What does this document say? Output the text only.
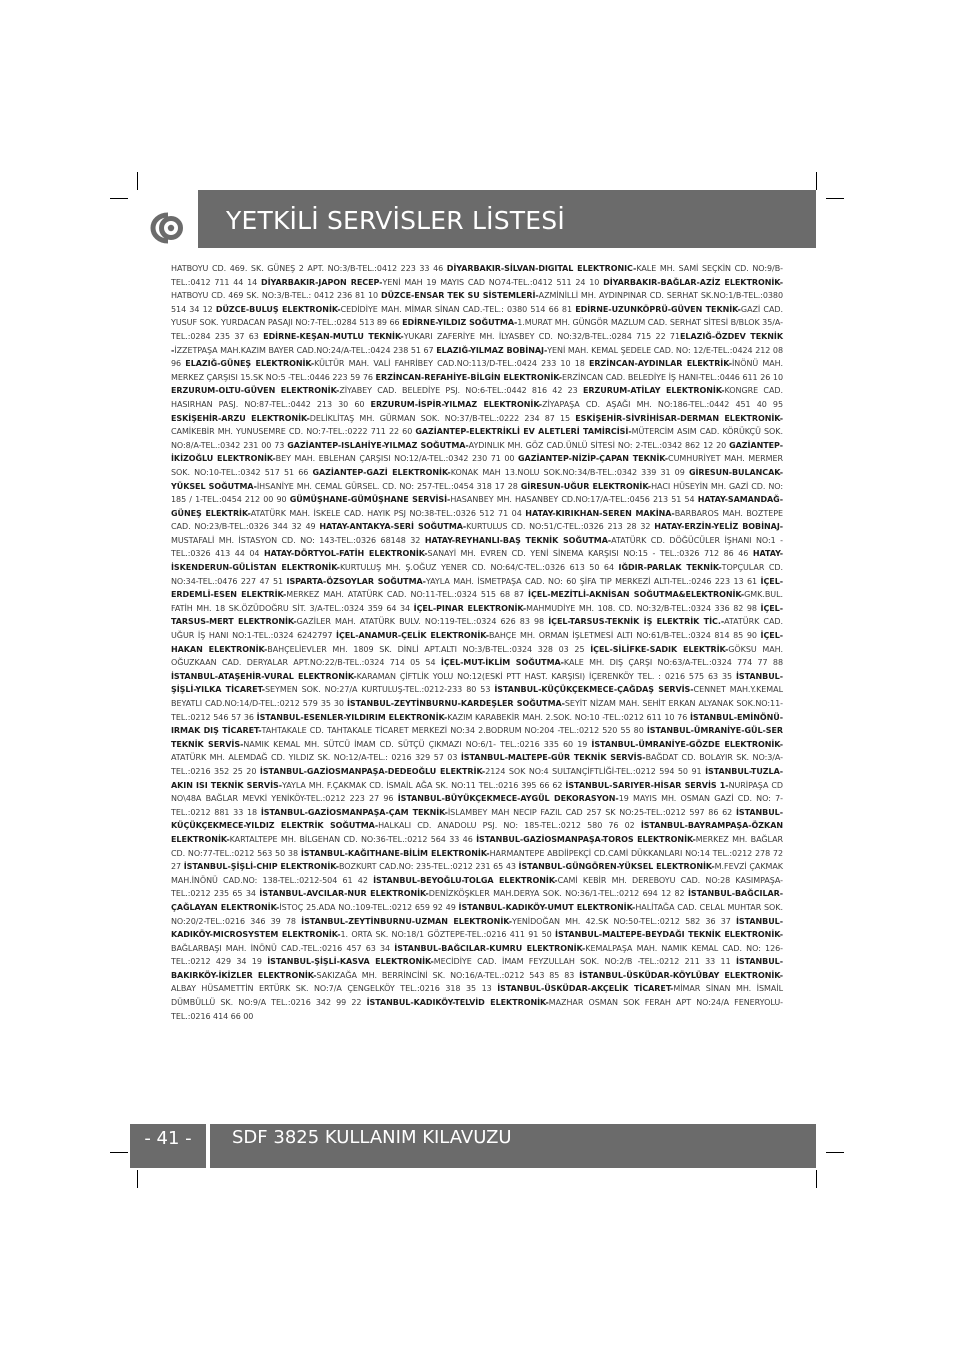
YETKİLİ SERVİSLER LİSTESİ
HATBOYU CD. 469. SK. GÜNEŞ 2 APT. NO:3/B-TEL.:0412 223 33 46 DİYARBAKIR-SİLVAN-DIGITAL ELEKTRONIC-KALE MH. SAMİ SEÇKİN CD. NO:9/B-TEL.:0412 711 44 14 DİYARBAKIR-JAPON RECEP-YENİ MAH 19 MAYIS CAD NO74-TEL.:0412 511 24 10 DİYARBAKIR-BAĞLAR-AZİZ ELEKTRONİK-HATBOYU CD. 469 SK. NO:3/B-TEL.: 0412 236 81 10 DÜZCE-ENSAR TEK SU SİSTEMLERİ-AZMİNİLLİ MH. AYDINPINAR CD. SERHAT SK.NO:1/B-TEL.:0380 514 34 12 DÜZCE-BULUŞ ELEKTRONİK-CEDİDİYE MAH. MİMAR SİNAN CAD.-TEL.: 0380 514 66 81 EDİRNE-UZUNKÖPRÜ-GÜVEN TEKNİK-GAZİ CAD. YUSUF SOK. YURDACAN PASAJI NO:7-TEL.:0284 513 89 66 EDİRNE-YILDIZ SOĞUTMA-1.MURAT MH. GÜNGÖR MAZLUM CAD. SERHAT SİTESİ B/BLOK 35/A-TEL.:0284 235 37 63 EDİRNE-KEŞAN-MUTLU TEKNİK-YUKARI ZAFERİYE MH. İLYASBEY CD. NO:32/B-TEL.:0284 715 22 71ELAZIĞ-ÖZDEV TEKNİK -İZZETPAŞA MAH.KAZIM BAYER CAD.NO:24/A-TEL.:0424 238 51 67 ELAZIĞ-YILMAZ BOBİNAJ-YENİ MAH. KEMAL ŞEDELE CAD. NO: 12/E-TEL.:0424 212 08 96 ELAZIĞ-GÜNEŞ ELEKTRONİK-KÜLTÜR MAH. VALİ FAHRİBEY CAD.NO:113/D-TEL.:0424 233 10 18 ERZİNCAN-AYDINLAR ELEKTRİK-İNÖNÜ MAH. MERKEZ ÇARŞISI 15.SK NO:5 -TEL.:0446 223 59 76 ERZİNCAN-REFAHİYE-BİLGİN ELEKTRONİK-ERZİNCAN CAD. BELEDİYE İŞ HANI-TEL.:0446 611 26 10 ERZURUM-OLTU-GÜVEN ELEKTRONİK-ZİYABEY CAD. BELEDİYE PSJ. NO:6-TEL.:0442 816 42 23 ERZURUM-ATİLAY ELEKTRONİK-KONGRE CAD. HASIRHAN PASJ. NO:87-TEL.:0442 213 30 60 ERZURUM-İSPİR-YILMAZ ELEKTRONİK-ZİYAPAŞA CD. AŞAĞI MH. NO:186-TEL.:0442 451 40 95 ESKİŞEHİR-ARZU ELEKTRONİK-DELİKLİTAŞ MH. GÜRMAN SOK. NO:37/B-TEL.:0222 234 87 15 ESKİŞEHİR-SİVRİHİSAR-DERMAN ELEKTRONİK-CAMİKEBİR MH. YUNUSEMRE CD. NO:7-TEL.:0222 711 22 60 GAZİANTEP-ELEKTRİKLİ EV ALETLERİ TAMİRCİSİ-MÜTERCİM ASIM CAD. KÖRÜKÇÜ SOK. NO:8/A-TEL.:0342 231 00 73 GAZİANTEP-ISLAHİYE-YILMAZ SOĞUTMA-AYDINLIK MH. GÖZ CAD.ÜNLÜ SİTESİ NO: 2-TEL.:0342 862 12 20 GAZİANTEP-İKİZOĞLU ELEKTRONİK-BEY MAH. EBLEHAN ÇARŞISI NO:12/A-TEL.:0342 230 71 00 GAZİANTEP-NİZİP-ÇAPAN TEKNİK-CUMHURİYET MAH. MERMER SOK. NO:10-TEL.:0342 517 51 66 GAZİANTEP-GAZİ ELEKTRONİK-KONAK MAH 13.NOLU SOK.NO:34/B-TEL.:0342 339 31 09 GİRESUN-BULANCAK-YÜKSEL SOĞUTMA-İHSANİYE MH. CEMAL GÜRSEL. CD. NO: 257-TEL.:0454 318 17 28 GİRESUN-UĞUR ELEKTRONİK-HACI HÜSEYİN MH. GAZİ CD. NO: 185 / 1-TEL.:0454 212 00 90 GÜMÜŞHANE-GÜMÜŞHANE SERVİSİ-HASANBEY MH. HASANBEY CD.NO:17/A-TEL.:0456 213 51 54 HATAY-SAMANDAĞ-GÜNEŞ ELEKTRİK-ATATÜRK MAH. İSKELE CAD. HAYIK PSJ NO:38-TEL.:0326 512 71 04 HATAY-KIRIKHAN-SEREN MAKİNA-BARBAROS MAH. BOZTEPE CAD. NO:23/B-TEL.:0326 344 32 49 HATAY-ANTAKYA-SERİ SOĞUTMA-KURTULUS CD. NO:51/C-TEL.:0326 213 28 32 HATAY-ERZİN-YELİZ BOBİNAJ-MUSTAFALİ MH. İSTASYON CD. NO: 143-TEL.:0326 68148 32 HATAY-REYHANLI-BAŞ TEKNİK SOĞUTMA-ATATÜRK CD. DÖĞÜCÜLER İŞHANI NO:1 -TEL.:0326 413 44 04 HATAY-DÖRTYOL-FATİH ELEKTRONİK-SANAYİ MH. EVREN CD. YENİ SİNEMA KARŞISI NO:15 - TEL.:0326 712 86 46 HATAY-İSKENDERUN-GÜLİSTAN ELEKTRONİK-KURTULUŞ MH. Ş.OĞUZ YENER CD. NO:64/C-TEL.:0326 613 50 64 IĞDIR-PARLAK TEKNİK-TOPÇULAR CD. NO:34-TEL.:0476 227 47 51 ISPARTA-ÖZSOYLAR SOĞUTMA-YAYLA MAH. İSMETPAŞA CAD. NO: 60 ŞİFA TIP MERKEZİ ALTI-TEL.:0246 223 13 61 İÇEL-ERDEMLİ-ESEN ELEKTRİK-MERKEZ MAH. ATATÜRK CAD. NO:11-TEL.:0324 515 68 87 İÇEL-MEZİTLİ-AKNİSAN SOĞUTMA&ELEKTRONİK-GMK.BUL. FATİH MH. 18 SK.ÖZÜDOĞRU SİT. 3/A-TEL.:0324 359 64 34 İÇEL-PINAR ELEKTRONİK-MAHMUDİYE MH. 108. CD. NO:32/B-TEL.:0324 336 82 98 İÇEL-TARSUS-MERT ELEKTRONİK-GAZİLER MAH. ATATÜRK BULV. NO:119-TEL.:0324 626 83 98 İÇEL-TARSUS-TEKNİK İŞ ELEKTRİK TİC.-ATATÜRK CAD. UĞUR İŞ HANI NO:1-TEL.:0324 6242797 İÇEL-ANAMUR-ÇELİK ELEKTRONİK-BAHÇE MH. ORMAN İŞLETMESİ ALTI NO:61/B-TEL.:0324 814 85 90 İÇEL-HAKAN ELEKTRONİK-BAHÇELİEVLER MH. 1809 SK. DİNLİ APT.ALTI NO:3/B-TEL.:0324 328 03 25 İÇEL-SİLİFKE-SADIK ELEKTRİK-GÖKSU MAH. OĞUZKAAN CAD. DERYALAR APT.NO:22/B-TEL.:0324 714 05 54 İÇEL-MUT-İKLİM SOĞUTMA-KALE MH. DIŞ ÇARŞI NO:63/A-TEL.:0324 774 77 88 İSTANBUL-ATAŞEHİR-VURAL ELEKTRONİK-KARAMAN ÇİFTLİK YOLU NO:12(ESKİ PTT HAST. KARŞISI) İÇERENKÖY TEL. : 0216 575 63 35 İSTANBUL-ŞİŞLİ-YILKA TİCARET-SEYMEN SOK. NO:27/A KURTULUŞ-TEL.:0212-233 80 53 İSTANBUL-KÜÇÜKÇEKMECE-ÇAĞDAŞ SERVİS-CENNET MAH.Y.KEMAL BEYATLI CAD.NO:14/D-TEL.:0212 579 35 30 İSTANBUL-ZEYTİNBURNU-KARDEŞLER SOĞUTMA-SEYİT NİZAM MAH. SEHİT ERKAN ALYANAK SOK.NO:11-TEL.:0212 546 57 36 İSTANBUL-ESENLER-YILDIRIM ELEKTRONİK-KAZIM KARABEKİR MAH. 2.SOK. NO:10 -TEL.:0212 611 10 76 İSTANBUL-EMİNÖNÜ-IRMAK DIŞ TİCARET-TAHTAKALE CD. TAHTAKALE TİCARET MERKEZİ NO:34 2.BODRUM NO:204 -TEL.:0212 520 55 80 İSTANBUL-ÜMRANİYE-GÜL-SER TEKNİK SERVİS-NAMIK KEMAL MH. SÜTCÜ İMAM CD. SÜTÇÜ ÇIKMAZI NO:6/1- TEL.:0216 335 60 19 İSTANBUL-ÜMRANİYE-GÖZDE ELEKTRONİK-ATATÜRK MH. ALEMDAĞ CD. YILDIZ SK. NO:12/A-TEL.: 0216 329 57 03 İSTANBUL-MALTEPE-GÜR TEKNİK SERVİS-BAĞDAT CD. BOLAYIR SK. NO:3/A-TEL.:0216 352 25 20 İSTANBUL-GAZİOSMANPAŞA-DEDEOĞLU ELEKTRİK-2124 SOK NO:4 SULTANÇİFTLİĞİ-TEL.:0212 594 50 91 İSTANBUL-TUZLA-AKIN ISI TEKNİK SERVİS-YAYLA MH. F.ÇAKMAK CD. İSMAİL AĞA SK. NO:11 TEL.:0216 395 66 62 İSTANBUL-SARIYER-HİSAR SERVİS 1-NURİPAŞA CD NO\48A BAĞLAR MEVKİ YENİKÖY-TEL.:0212 223 27 96 İSTANBUL-BÜYÜKÇEKMECE-AYGÜL DEKORASYON-19 MAYIS MH. OSMAN GAZİ CD. NO: 7-TEL.:0212 881 33 18 İSTANBUL-GAZİOSMANPAŞA-ÇAM TEKNİK-İSLAMBEY MAH NECIP FAZIL CAD 257 SK NO:25-TEL.:0212 597 86 62 İSTANBUL-KÜÇÜKÇEKMECE-YILDIZ ELEKTRİK SOĞUTMA-HALKALI CD. ANADOLU PSJ. NO: 185-TEL.:0212 580 76 02 İSTANBUL-BAYRAMPAŞA-ÖZKAN ELEKTRONİK-KARTALTEPE MH. BİLGEHAN CD. NO:36-TEL.:0212 564 33 46 İSTANBUL-GAZİOSMANPAŞA-TOROS ELEKTRONİK-MERKEZ MH. BAĞLAR CD. NO:77-TEL.:0212 563 50 38 İSTANBUL-KAĞITHANE-BİLİM ELEKTRONİK-HARMANTEPE ABDİİPEKÇİ CD.CAMİ DÜKKANLARI NO:14 TEL.:0212 278 72 27 İSTANBUL-ŞİŞLİ-CHIP ELEKTRONİK-BOZKURT CAD.NO: 235-TEL.:0212 231 65 43 İSTANBUL-GÜNGÖREN-YÜKSEL ELEKTRONİK-M.FEVZİ ÇAKMAK MAH.İNÖNÜ CAD.NO: 138-TEL.:0212-504 61 42 İSTANBUL-BEYOĞLU-TOLGA ELEKTRONİK-CAMİ KEBİR MH. DEREBOYU CAD. NO:28 KASIMPAŞA-TEL.:0212 235 65 34 İSTANBUL-AVCILAR-NUR ELEKTRONİK-DENİZKÖŞKLER MAH.DERYA SOK. NO:36/1-TEL.:0212 694 12 82 İSTANBUL-BAĞCILAR-ÇAĞLAYAN ELEKTRONİK-İSTOÇ 25.ADA NO.:109-TEL.:0212 659 92 49 İSTANBUL-KADIKÖY-UMUT ELEKTRONİK-HALİTAĞA CAD. CELAL MUHTAR SOK. NO:20/2-TEL.:0216 346 39 78 İSTANBUL-ZEYTİNBURNU-UZMAN ELEKTRONİK-YENİDOĞAN MH. 42.SK NO:50-TEL.:0212 582 36 37 İSTANBUL-KADIKÖY-MICROSYSTEM ELEKTRONİK-1. ORTA SK. NO:18/1 GÖZTEPE-TEL.:0216 411 91 50 İSTANBUL-MALTEPE-BEYDAĞI TEKNİK ELEKTRONİK-BAĞLARBAŞI MAH. İNÖNÜ CAD.-TEL.:0216 457 63 34 İSTANBUL-BAĞCILAR-KUMRU ELEKTRONİK-KEMALPAŞA MAH. NAMIK KEMAL CAD. NO: 126-TEL.:0212 429 34 19 İSTANBUL-ŞİŞLİ-KASVA ELEKTRONİK-MECİDİYE CAD. İMAM FEYZULLAH SOK. NO:2/B -TEL.:0212 211 33 11 İSTANBUL-BAKIRKÖY-İKİZLER ELEKTRONİK-SAKIZAĞA MH. BERRİNCİNİ SK. NO:16/A-TEL.:0212 543 85 83 İSTANBUL-ÜSKÜDAR-KÖYLÜBAY ELEKTRONİK-ALBAY HÜSAMETTİN ERTÜRK SK. NO:7/A ÇENGELKÖY TEL.:0216 318 35 13 İSTANBUL-ÜSKÜDAR-AKÇELİK TİCARET-MİMAR SİNAN MH. İSMAİL DÜMBÜLLÜ SK. NO:9/A TEL.:0216 342 99 22 İSTANBUL-KADIKÖY-TELVİD ELEKTRONİK-MAZHAR OSMAN SOK FERAH APT NO:24/A FENERYOLU-TEL.:0216 414 66 00
- 41 -	SDF 3825 KULLANIM KILAVUZU
